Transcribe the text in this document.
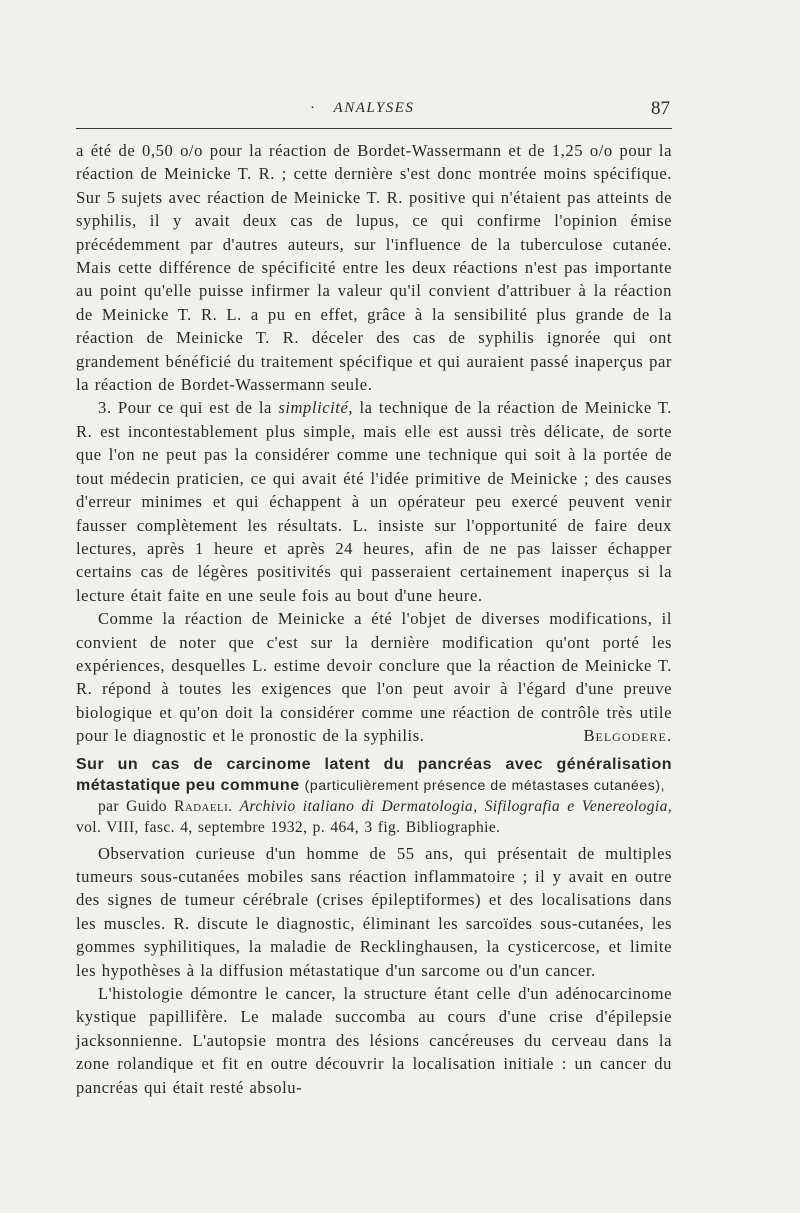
·	ANALYSES	87

a été de 0,50 o/o pour la réaction de Bordet-Wassermann et de 1,25 o/o pour la réaction de Meinicke T. R. ; cette dernière s'est donc montrée moins spécifique. Sur 5 sujets avec réaction de Meinicke T. R. positive qui n'étaient pas atteints de syphilis, il y avait deux cas de lupus, ce qui confirme l'opinion émise précédemment par d'autres auteurs, sur l'influence de la tuberculose cutanée. Mais cette différence de spécificité entre les deux réactions n'est pas importante au point qu'elle puisse infirmer la valeur qu'il convient d'attribuer à la réaction de Meinicke T. R. L. a pu en effet, grâce à la sensibilité plus grande de la réaction de Meinicke T. R. déceler des cas de syphilis ignorée qui ont grandement bénéficié du traitement spécifique et qui auraient passé inaperçus par la réaction de Bordet-Wassermann seule.

3. Pour ce qui est de la simplicité, la technique de la réaction de Meinicke T. R. est incontestablement plus simple, mais elle est aussi très délicate, de sorte que l'on ne peut pas la considérer comme une technique qui soit à la portée de tout médecin praticien, ce qui avait été l'idée primitive de Meinicke ; des causes d'erreur minimes et qui échappent à un opérateur peu exercé peuvent venir fausser complètement les résultats. L. insiste sur l'opportunité de faire deux lectures, après 1 heure et après 24 heures, afin de ne pas laisser échapper certains cas de légères positivités qui passeraient certainement inaperçus si la lecture était faite en une seule fois au bout d'une heure.

Comme la réaction de Meinicke a été l'objet de diverses modifications, il convient de noter que c'est sur la dernière modification qu'ont porté les expériences, desquelles L. estime devoir conclure que la réaction de Meinicke T. R. répond à toutes les exigences que l'on peut avoir à l'égard d'une preuve biologique et qu'on doit la considérer comme une réaction de contrôle très utile pour le diagnostic et le pronostic de la syphilis.	Belgodere.

Sur un cas de carcinome latent du pancréas avec généralisation métastatique peu commune (particulièrement présence de métastases cutanées),

par Guido Radaeli. Archivio italiano di Dermatologia, Sifilografia e Venereologia, vol. VIII, fasc. 4, septembre 1932, p. 464, 3 fig. Bibliographie.

Observation curieuse d'un homme de 55 ans, qui présentait de multiples tumeurs sous-cutanées mobiles sans réaction inflammatoire ; il y avait en outre des signes de tumeur cérébrale (crises épileptiformes) et des localisations dans les muscles. R. discute le diagnostic, éliminant les sarcoïdes sous-cutanées, les gommes syphilitiques, la maladie de Recklinghausen, la cysticercose, et limite les hypothèses à la diffusion métastatique d'un sarcome ou d'un cancer.

L'histologie démontre le cancer, la structure étant celle d'un adénocarcinome kystique papillifère. Le malade succomba au cours d'une crise d'épilepsie jacksonnienne. L'autopsie montra des lésions cancéreuses du cerveau dans la zone rolandique et fit en outre découvrir la localisation initiale : un cancer du pancréas qui était resté absolu-
